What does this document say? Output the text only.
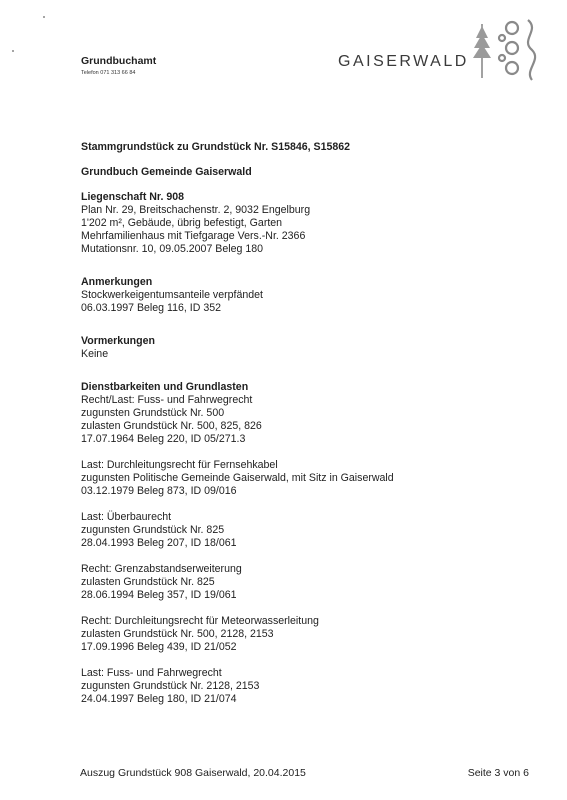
Grundbuchamt
Telefon 071 313 66 84
GAISERWALD
Stammgrundstück zu Grundstück Nr. S15846, S15862
Grundbuch Gemeinde Gaiserwald
Liegenschaft Nr. 908
Plan Nr. 29, Breitschachenstr. 2, 9032 Engelburg
1'202 m², Gebäude, übrig befestigt, Garten
Mehrfamilienhaus mit Tiefgarage Vers.-Nr. 2366
Mutationsnr. 10, 09.05.2007 Beleg 180
Anmerkungen
Stockwerkeigentumsanteile verpfändet
06.03.1997 Beleg 116, ID 352
Vormerkungen
Keine
Dienstbarkeiten und Grundlasten
Recht/Last: Fuss- und Fahrwegrecht
zugunsten Grundstück Nr. 500
zulasten Grundstück Nr. 500, 825, 826
17.07.1964 Beleg 220, ID 05/271.3
Last: Durchleitungsrecht für Fernsehkabel
zugunsten Politische Gemeinde Gaiserwald, mit Sitz in Gaiserwald
03.12.1979 Beleg 873, ID 09/016
Last: Überbaurecht
zugunsten Grundstück Nr. 825
28.04.1993 Beleg 207, ID 18/061
Recht: Grenzabstandserweiterung
zulasten Grundstück Nr. 825
28.06.1994 Beleg 357, ID 19/061
Recht: Durchleitungsrecht für Meteorwasserleitung
zulasten Grundstück Nr. 500, 2128, 2153
17.09.1996 Beleg 439, ID 21/052
Last: Fuss- und Fahrwegrecht
zugunsten Grundstück Nr. 2128, 2153
24.04.1997 Beleg 180, ID 21/074
Auszug Grundstück 908 Gaiserwald, 20.04.2015	Seite 3 von 6
